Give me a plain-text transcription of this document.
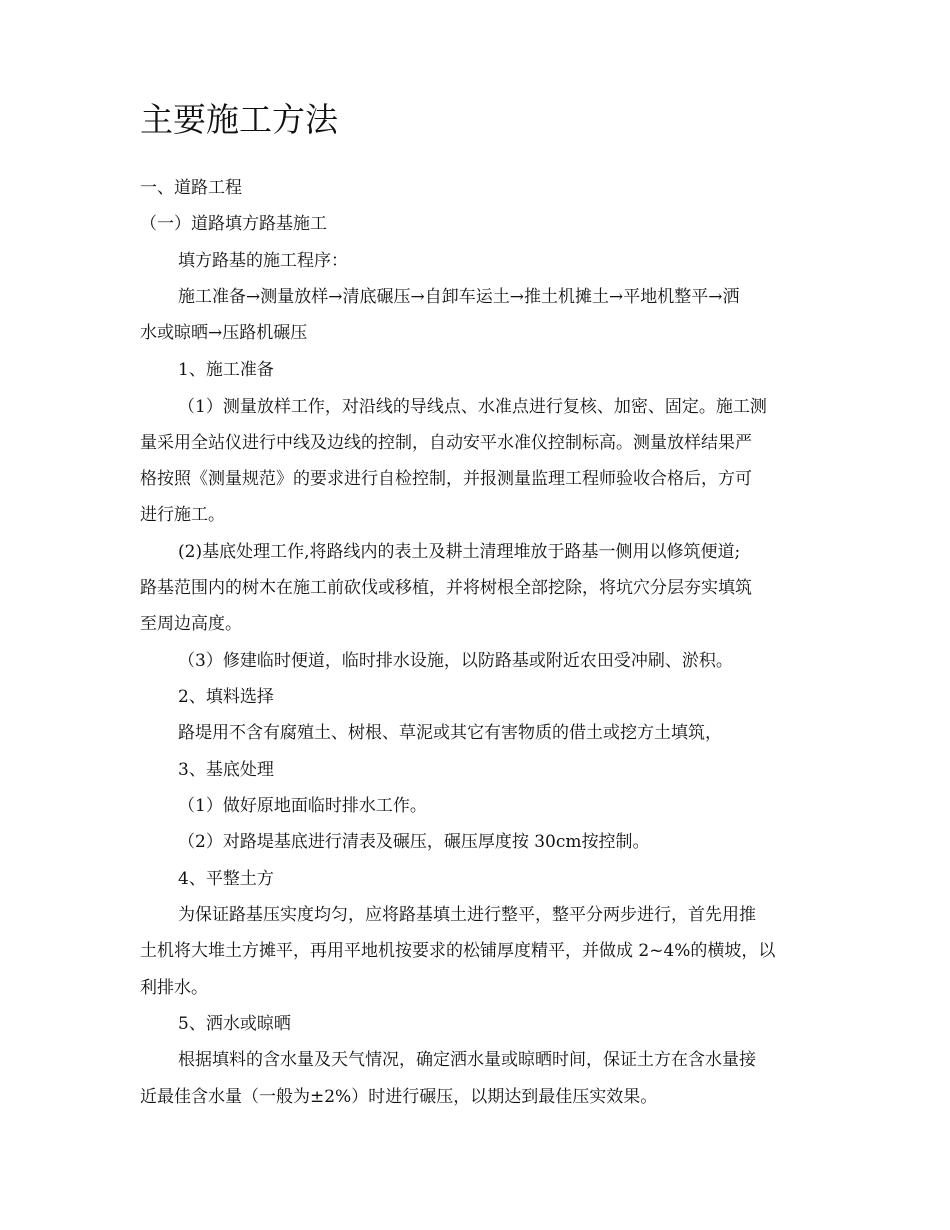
主要施工方法
一、道路工程
（一）道路填方路基施工
填方路基的施工程序：
施工准备→测量放样→清底碾压→自卸车运土→推土机摊土→平地机整平→洒
水或晾晒→压路机碾压
1、施工准备
（1）测量放样工作，对沿线的导线点、水准点进行复核、加密、固定。施工测
量采用全站仪进行中线及边线的控制，自动安平水准仪控制标高。测量放样结果严
格按照《测量规范》的要求进行自检控制，并报测量监理工程师验收合格后，方可
进行施工。
(2)基底处理工作,将路线内的表土及耕土清理堆放于路基一侧用以修筑便道;
路基范围内的树木在施工前砍伐或移植，并将树根全部挖除，将坑穴分层夯实填筑
至周边高度。
（3）修建临时便道，临时排水设施，以防路基或附近农田受冲刷、淤积。
2、填料选择
路堤用不含有腐殖土、树根、草泥或其它有害物质的借土或挖方土填筑，
3、基底处理
（1）做好原地面临时排水工作。
（2）对路堤基底进行清表及碾压，碾压厚度按 30cm按控制。
4、平整土方
为保证路基压实度均匀，应将路基填土进行整平，整平分两步进行，首先用推
土机将大堆土方摊平，再用平地机按要求的松铺厚度精平，并做成 2~4%的横坡，以
利排水。
5、洒水或晾晒
根据填料的含水量及天气情况，确定洒水量或晾晒时间，保证土方在含水量接
近最佳含水量（一般为±2%）时进行碾压，以期达到最佳压实效果。
